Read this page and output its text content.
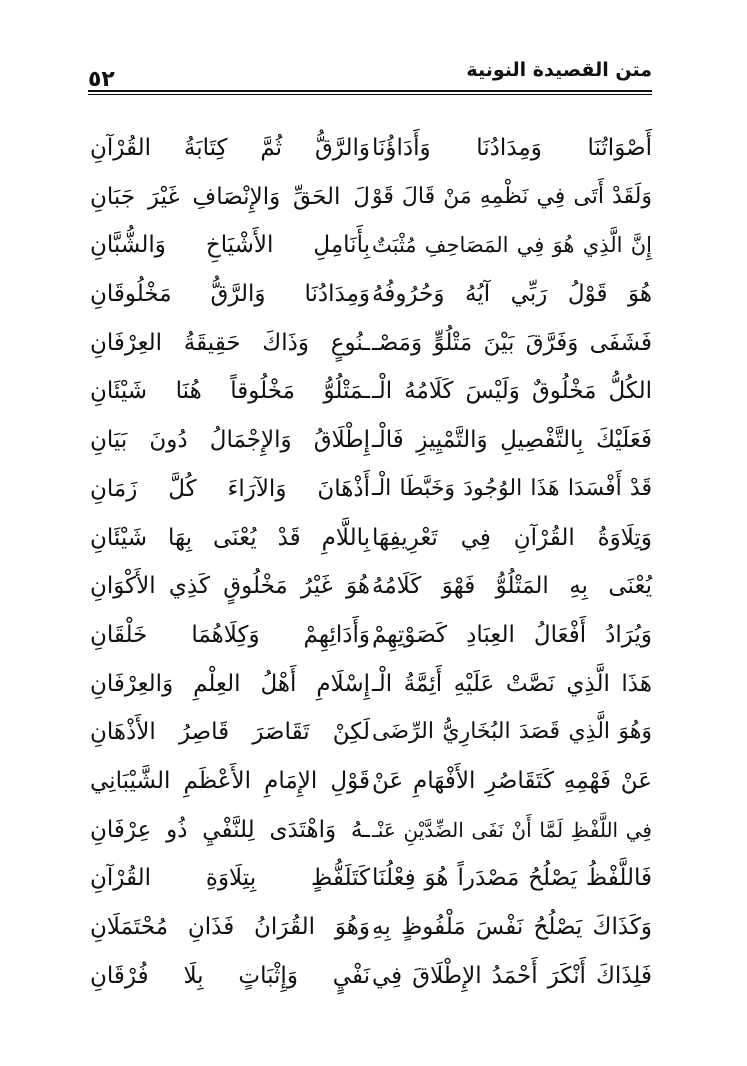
متن القصيدة النونية
٥٢
أَصْوَاتُنَا وَمِدَادُنَا وَأَدَاؤُنَا
وَالرَّقُّ ثُمَّ كِتَابَةُ القُرْآنِ
وَلَقَدْ أَتَى فِي نَظْمِهِ مَنْ قَالَ قَوْ
لَ الحَقِّ وَالإِنْصَافِ غَيْرَ جَبَانِ
إِنَّ الَّذِي هُوَ فِي المَصَاحِفِ مُثْبَتٌ
بِأَنَامِلِ الأَشْيَاخِ وَالشُّبَّانِ
هُوَ قَوْلُ رَبِّي آيُهُ وَحُرُوفُهُ
وَمِدَادُنَا وَالرَّقُّ مَخْلُوقَانِ
فَشَفَى وَفَرَّقَ بَيْنَ مَتْلُوٍّ وَمَصْـ
ـنُوعٍ وَذَاكَ حَقِيقَةُ العِرْفَانِ
الكُلُّ مَخْلُوقٌ وَلَيْسَ كَلَامُهُ الْـ
ـمَتْلُوُّ مَخْلُوقاً هُنَا شَيْئَانِ
فَعَلَيْكَ بِالتَّفْصِيلِ وَالتَّمْيِيزِ فَالْـ
إِطْلَاقُ وَالإِجْمَالُ دُونَ بَيَانِ
قَدْ أَفْسَدَا هَذَا الوُجُودَ وَخَبَّطَا الْـ
أَذْهَانَ وَالآرَاءَ كُلَّ زَمَانِ
وَتِلَاوَةُ القُرْآنِ فِي تَعْرِيفِهَا
بِاللَّامِ قَدْ يُعْنَى بِهَا شَيْئَانِ
يُعْنَى بِهِ المَتْلُوُّ فَهْوَ كَلَامُهُ
هُوَ غَيْرُ مَخْلُوقٍ كَذِي الأَكْوَانِ
وَيُرَادُ أَفْعَالُ العِبَادِ كَصَوْتِهِمْ
وَأَدَائِهِمْ وَكِلَاهُمَا خَلْقَانِ
هَذَا الَّذِي نَصَّتْ عَلَيْهِ أَئِمَّةُ الْـ
إِسْلَامِ أَهْلُ العِلْمِ وَالعِرْفَانِ
وَهُوَ الَّذِي قَصَدَ البُخَارِيُّ الرِّضَى
لَكِنْ تَقَاصَرَ قَاصِرُ الأَذْهَانِ
عَنْ فَهْمِهِ كَتَقَاصُرِ الأَفْهَامِ عَنْ
قَوْلِ الإِمَامِ الأَعْظَمِ الشَّيْبَانِي
فِي اللَّفْظِ لَمَّا أَنْ نَفَى الضِّدَّيْنِ عَنْـ
ـهُ وَاهْتَدَى لِلنَّفْيِ ذُو عِرْفَانِ
فَاللَّفْظُ يَصْلُحُ مَصْدَراً هُوَ فِعْلُنَا
كَتَلَفُّظٍ بِتِلَاوَةِ القُرْآنِ
وَكَذَاكَ يَصْلُحُ نَفْسَ مَلْفُوظٍ بِهِ
وَهُوَ القُرَانُ فَذَانِ مُحْتَمَلَانِ
فَلِذَاكَ أَنْكَرَ أَحْمَدُ الإِطْلَاقَ فِي
نَفْيٍ وَإِثْبَاتٍ بِلَا فُرْقَانِ
